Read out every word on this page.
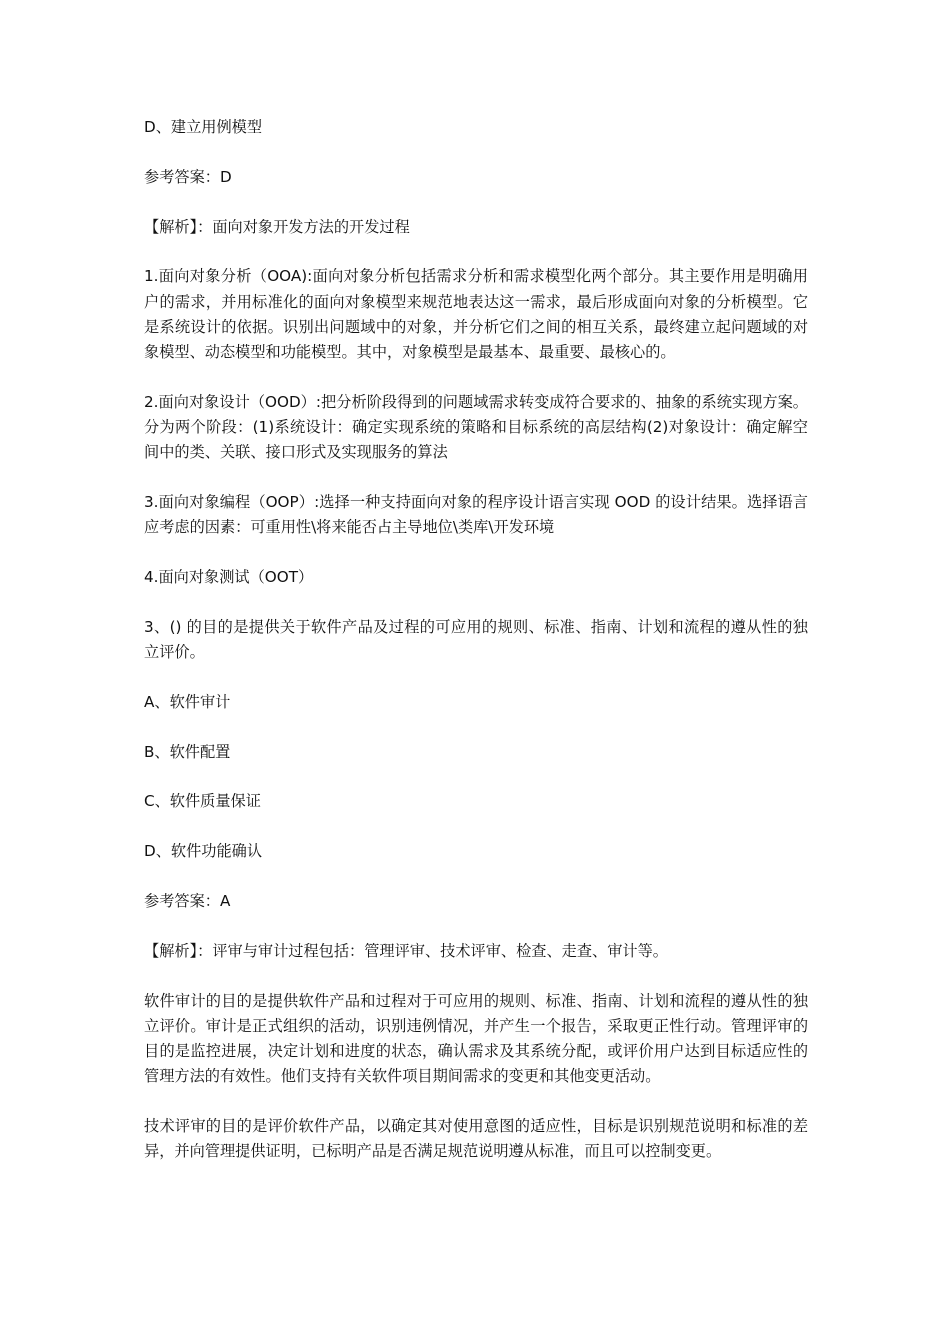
D、建立用例模型

参考答案：D

【解析】：面向对象开发方法的开发过程

1.面向对象分析（OOA):面向对象分析包括需求分析和需求模型化两个部分。其主要作用是明确用户的需求，并用标准化的面向对象模型来规范地表达这一需求，最后形成面向对象的分析模型。它是系统设计的依据。识别出问题域中的对象，并分析它们之间的相互关系，最终建立起问题域的对象模型、动态模型和功能模型。其中，对象模型是最基本、最重要、最核心的。

2.面向对象设计（OOD）:把分析阶段得到的问题域需求转变成符合要求的、抽象的系统实现方案。分为两个阶段：(1)系统设计：确定实现系统的策略和目标系统的高层结构(2)对象设计：确定解空间中的类、关联、接口形式及实现服务的算法

3.面向对象编程（OOP）:选择一种支持面向对象的程序设计语言实现 OOD 的设计结果。选择语言应考虑的因素：可重用性\将来能否占主导地位\类库\开发环境

4.面向对象测试（OOT）

3、() 的目的是提供关于软件产品及过程的可应用的规则、标准、指南、计划和流程的遵从性的独立评价。

A、软件审计

B、软件配置

C、软件质量保证

D、软件功能确认

参考答案：A

【解析】：评审与审计过程包括：管理评审、技术评审、检查、走查、审计等。

软件审计的目的是提供软件产品和过程对于可应用的规则、标准、指南、计划和流程的遵从性的独立评价。审计是正式组织的活动，识别违例情况，并产生一个报告，采取更正性行动。管理评审的目的是监控进展，决定计划和进度的状态，确认需求及其系统分配，或评价用户达到目标适应性的管理方法的有效性。他们支持有关软件项目期间需求的变更和其他变更活动。

技术评审的目的是评价软件产品，以确定其对使用意图的适应性，目标是识别规范说明和标准的差异，并向管理提供证明，已标明产品是否满足规范说明遵从标准，而且可以控制变更。
